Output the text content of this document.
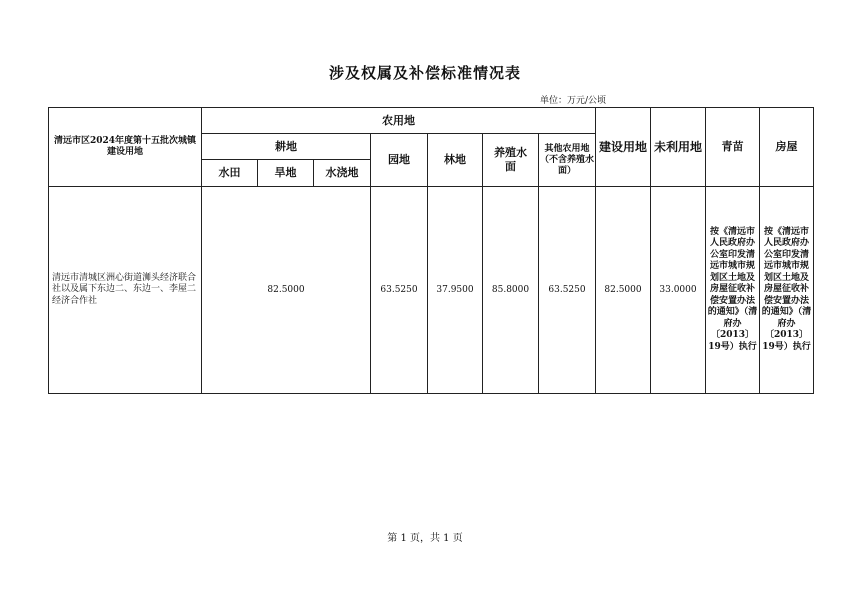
涉及权属及补偿标准情况表
单位：万元/公顷
清远市区2024年度第十五批次城镇建设用地	农用地							建设用地	未利用地	青苗	房屋
	耕地			园地	林地	养殖水面	其他农用地（不含养殖水面）				
	水田	旱地	水浇地								
清远市清城区洲心街道浉头经济联合社以及属下东边二、东边一、李屋二经济合作社	82.5000			63.5250	37.9500	85.8000	63.5250	82.5000	33.0000	按《清远市人民政府办公室印发清远市城市规划区土地及房屋征收补偿安置办法的通知》（清府办〔2013〕19号）执行	按《清远市人民政府办公室印发清远市城市规划区土地及房屋征收补偿安置办法的通知》（清府办〔2013〕19号）执行
第 1 页，共 1 页
